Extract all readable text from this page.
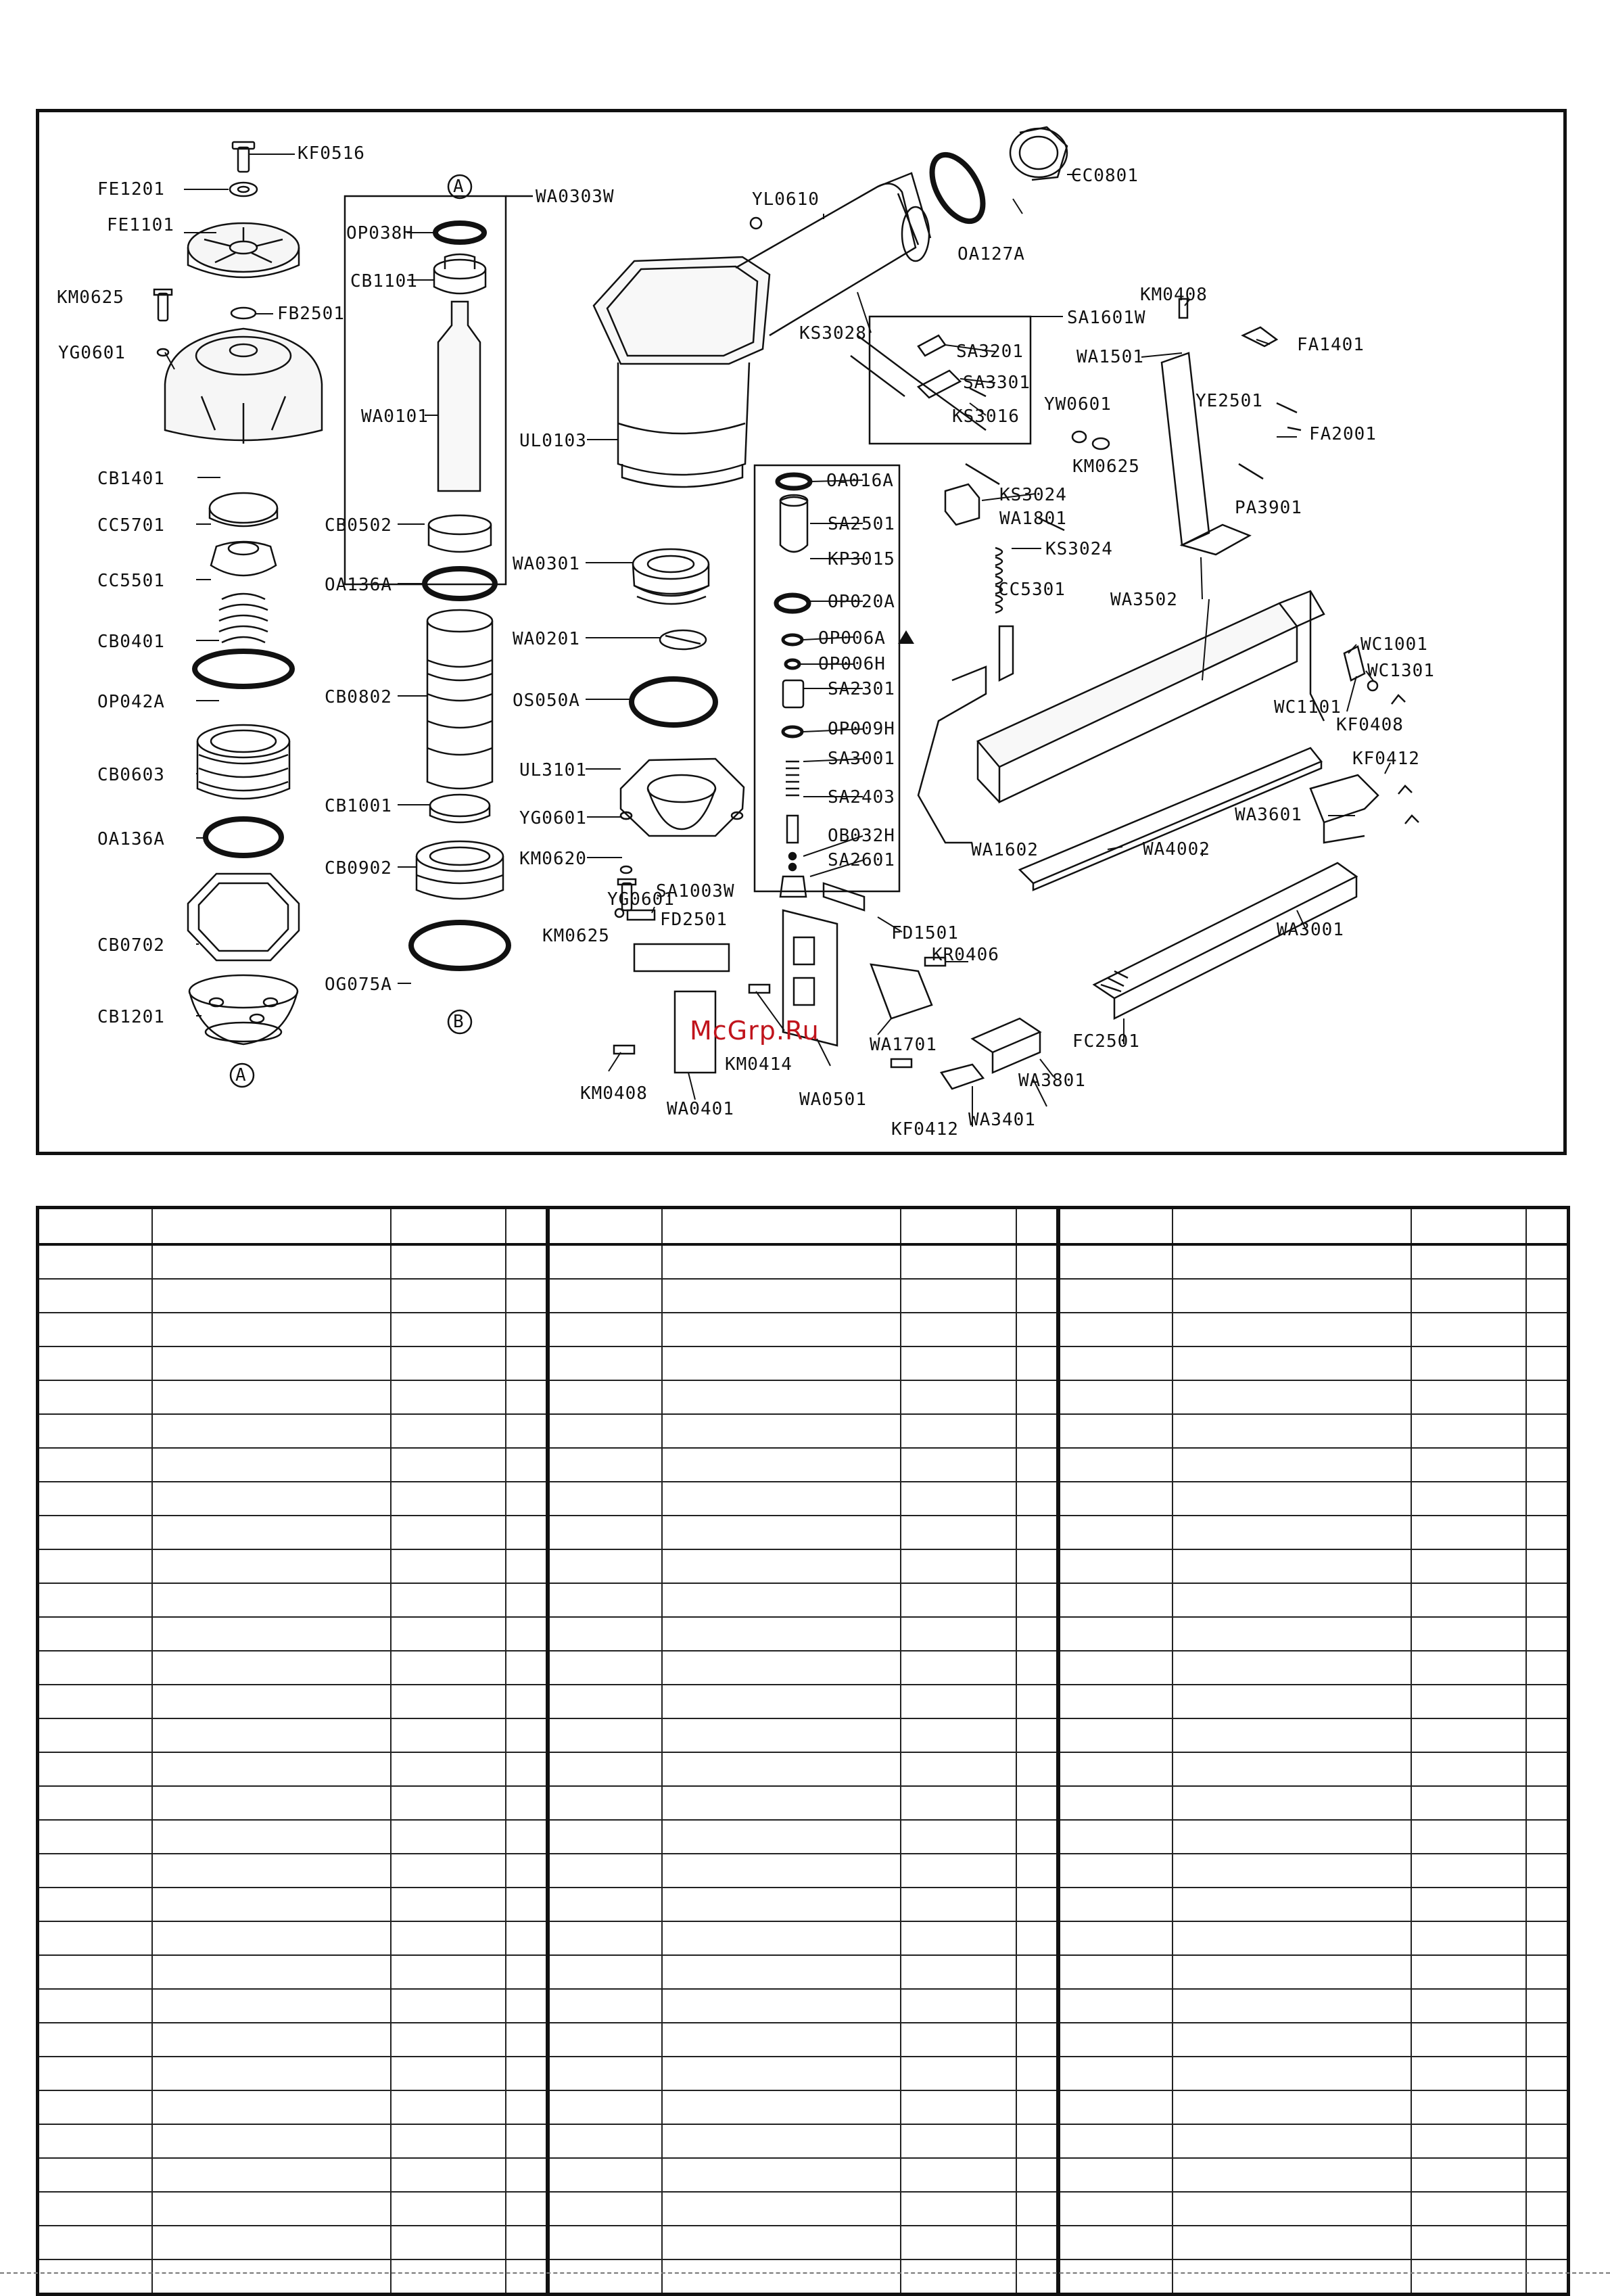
KF0516
FE1201
FE1101
KM0625
FB2501
YG0601
CB1401
CC5701
CC5501
CB0401
OP042A
CB0603
OA136A
CB0702
CB1201
A
A	WA0303W
OP038H
CB1101
WA0101
CB0502
OA136A
CB0802
CB1001
CB0902
OG075A
B
WA0301
WA0201
OS050A
UL3101
YG0601
KM0620
UL0103
YL0610
CC0801
OA127A
KS3028
SA1601W
SA3201
SA3301
KS3016
KS3024
WA1801
KS3024
CC5301
OA016A
SA2501
KP3015
OP020A
OP006A
OP006H
SA2301
OP009H
SA3001
SA2403
OB032H
SA2601
SA1003W
KM0408
WA1501
FA1401
YW0601	YE2501
FA2001
KM0625
PA3901
WA3502
WC1001
WC1301
WC1101
KF0408
KF0412
WA3601
WA1602	WA4002
WA3001
FC2501
WA3801
WA3401
KF0412
YG0601
FD2501
KM0625	FD1501
KR0406
KM0414
WA1701
WA0501
KM0408
WA0401
McGrp.Ru
